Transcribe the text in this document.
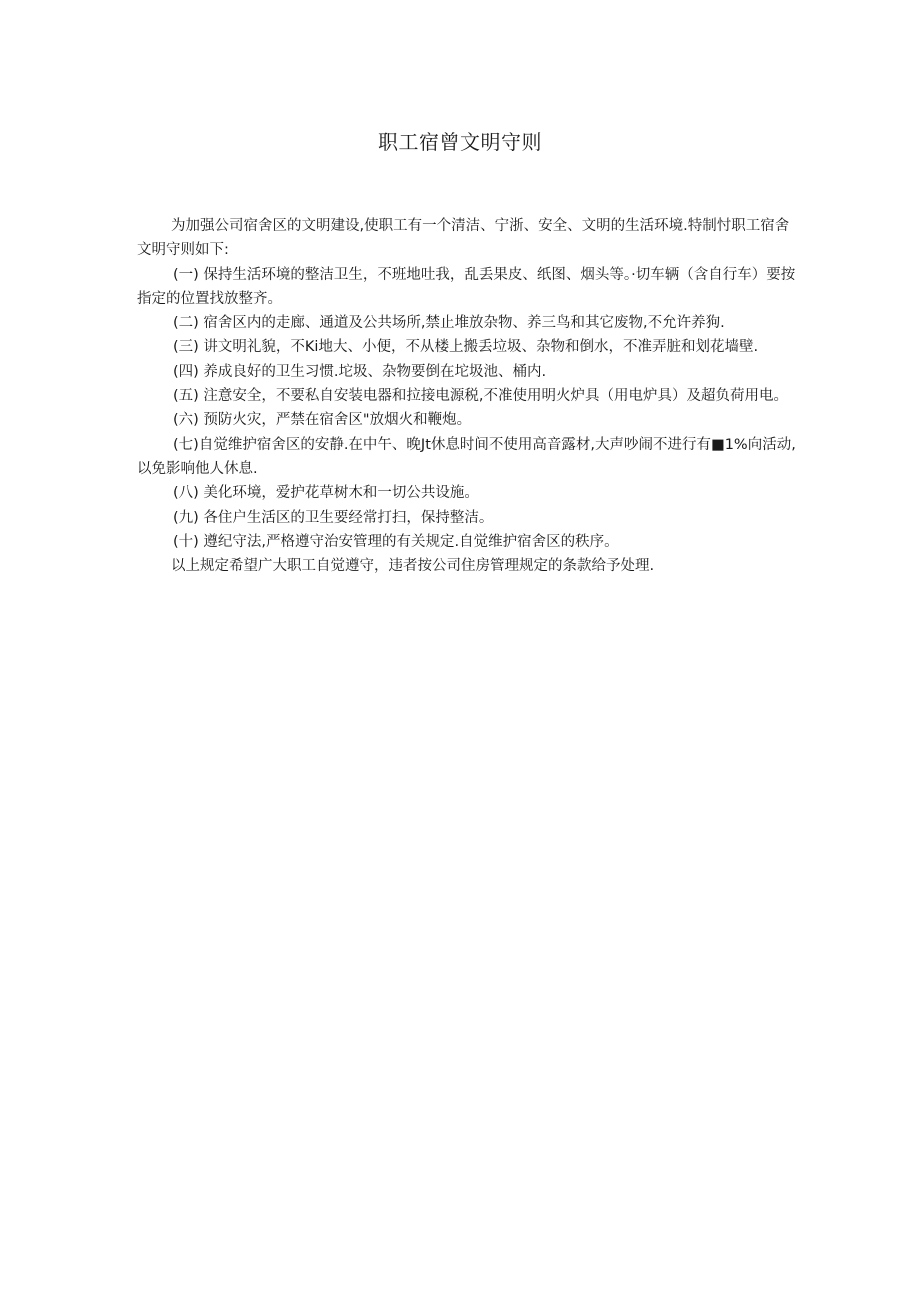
职工宿曾文明守则

为加强公司宿舍区的文明建设,使职工有一个清洁、宁浙、安全、文明的生活环境.特制忖职工宿舍文明守则如下:

(一) 保持生活环境的整洁卫生，不班地吐我，乱丢果皮、纸图、烟头等。·切车辆（含自行车）要按指定的位置找放整齐。

(二) 宿舍区内的走廊、通道及公共场所,禁止堆放杂物、养三鸟和其它废物,不允许养狗.

(三) 讲文明礼貌，不Ki地大、小便，不从楼上搬丢垃圾、杂物和倒水，不准弄脏和划花墙壁.

(四) 养成良好的卫生习惯.坨圾、杂物要倒在坨圾池、桶内.

(五) 注意安全，不要私自安装电器和拉接电源税,不准使用明火炉具（用电炉具）及超负荷用电。

(六) 预防火灾，严禁在宿舍区"放烟火和鞭炮。

(七)自觉维护宿舍区的安静.在中午、晚Jt休息时间不使用高音露材,大声吵闹不进行有■1%向活动,以免影响他人休息.

(八) 美化环境，爱护花草树木和一切公共设施。

(九) 各住户生活区的卫生要经常打扫，保持整洁。

(十) 遵纪守法,严格遵守治安管理的有关规定.自觉维护宿舍区的秩序。

以上规定希望广大职工自觉遵守，违者按公司住房管理规定的条款给予处理.
